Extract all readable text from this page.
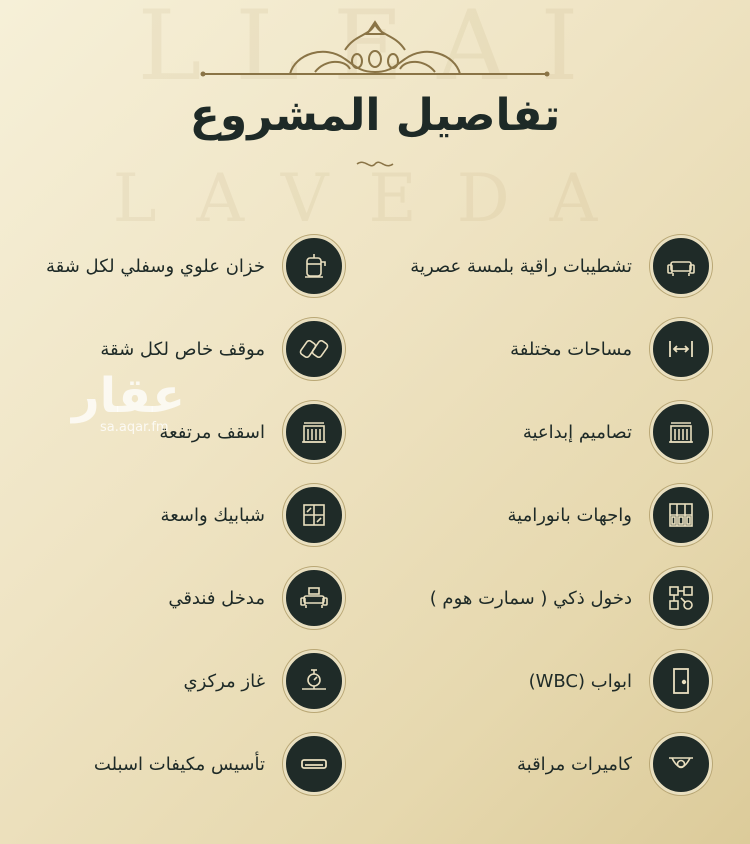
LLEAI
LAVEDA
تفاصيل المشروع
تشطيبات راقية بلمسة عصرية
مساحات مختلفة
تصاميم إبداعية
واجهات بانورامية
دخول ذكي ( سمارت هوم )
ابواب (WBC)
كاميرات مراقبة
خزان علوي وسفلي لكل شقة
موقف خاص لكل شقة
اسقف مرتفعة
شبابيك واسعة
مدخل فندقي
غاز مركزي
تأسيس مكيفات اسبلت
عقار
sa.aqar.fm
